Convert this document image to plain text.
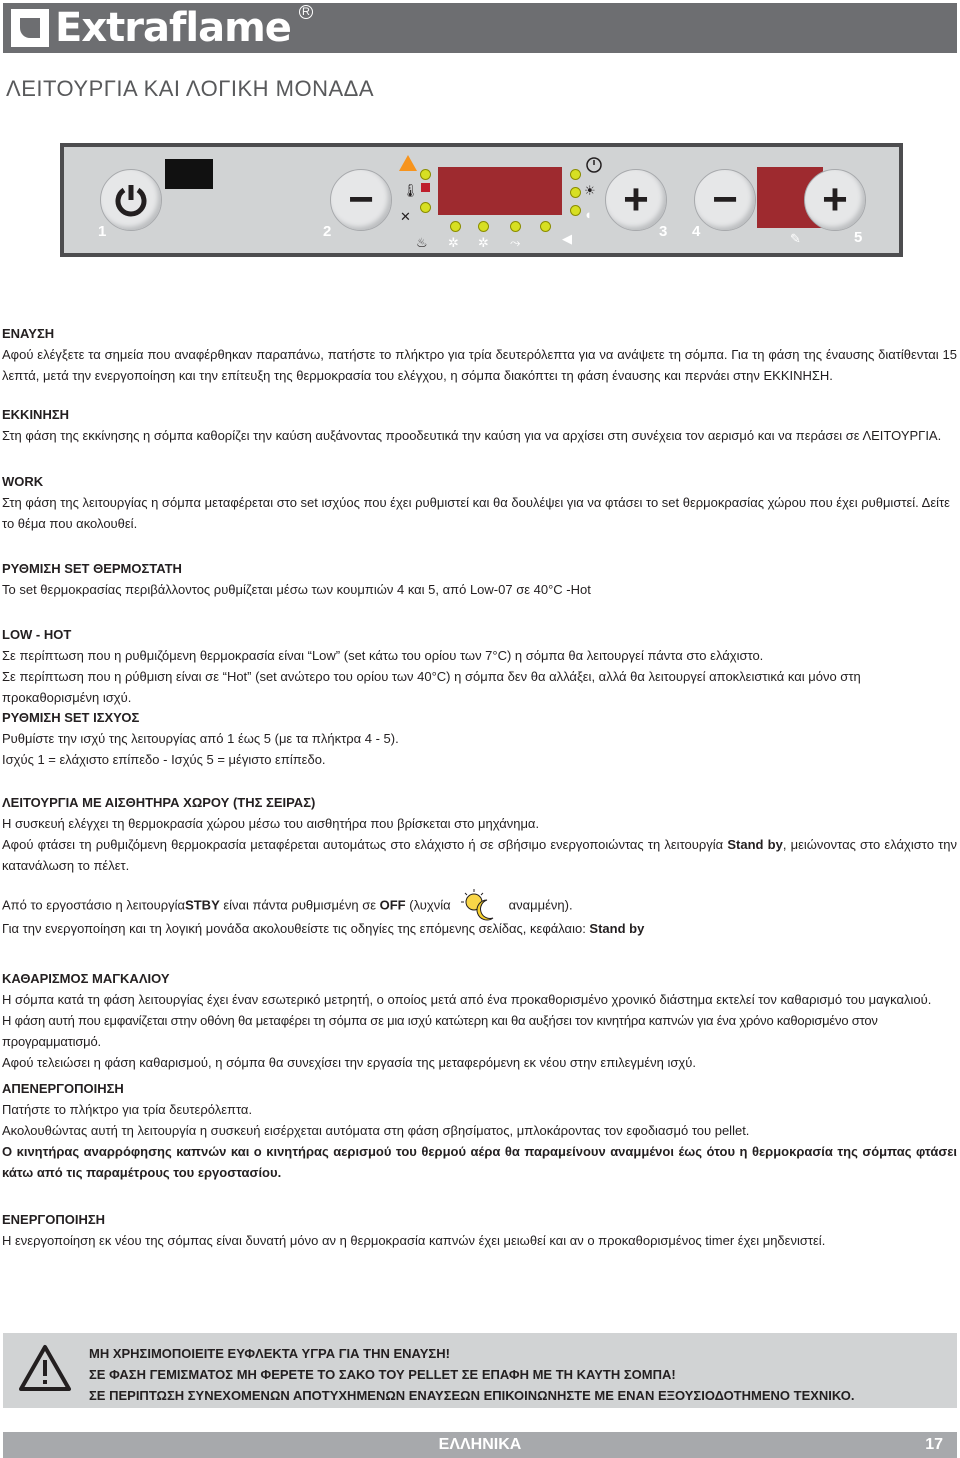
Extraflame R
ΛΕΙΤΟΥΡΓΙΑ ΚΑΙ ΛΟΓΙΚΗ ΜΟΝΑΔΑ
1
−
2
🌡
✕
♨ ✲ ✲ ⤳
☀
◖
◀
+
3
−
4
+
✎	5

ΕΝΑΥΣΗ

Αφού ελέγξετε τα σημεία που αναφέρθηκαν παραπάνω, πατήστε το πλήκτρο για τρία δευτερόλεπτα για να ανάψετε τη σόμπα. Για τη φάση της έναυσης διατίθενται 15 λεπτά, μετά την ενεργοποίηση και την επίτευξη της θερμοκρασία του ελέγχου, η σόμπα διακόπτει τη φάση έναυσης και περνάει στην ΕΚΚΙΝΗΣΗ.

ΕΚΚΙΝΗΣΗ

Στη φάση της εκκίνησης η σόμπα καθορίζει την καύση αυξάνοντας προοδευτικά την καύση για να αρχίσει στη συνέχεια τον αερισμό και να περάσει σε ΛΕΙΤΟΥΡΓΙΑ.

WORK

Στη φάση της λειτουργίας η σόμπα μεταφέρεται στο set ισχύος που έχει ρυθμιστεί και θα δουλέψει για να φτάσει το set θερμοκρασίας χώρου που έχει ρυθμιστεί. Δείτε το θέμα που ακολουθεί.

ΡΥΘΜΙΣΗ SET ΘΕΡΜΟΣΤΑΤΗ

Το set θερμοκρασίας περιβάλλοντος ρυθμίζεται μέσω των κουμπιών 4 και 5, από Low-07 σε 40°C -Hot

LOW - HOT

Σε περίπτωση που η ρυθμιζόμενη θερμοκρασία είναι “Low” (set κάτω του ορίου των 7°C) η σόμπα θα λειτουργεί πάντα στο ελάχιστο.

Σε περίπτωση που η ρύθμιση είναι σε “Hot” (set ανώτερο του ορίου των 40°C) η σόμπα δεν θα αλλάξει, αλλά θα λειτουργεί αποκλειστικά και μόνο στη προκαθορισμένη ισχύ.

ΡΥΘΜΙΣΗ SET ΙΣΧΥΟΣ

Ρυθμίστε την ισχύ της λειτουργίας από 1 έως 5 (με τα πλήκτρα 4 - 5).

Ισχύς 1 = ελάχιστο επίπεδο - Ισχύς 5 = μέγιστο επίπεδο.

ΛΕΙΤΟΥΡΓΙΑ ΜΕ ΑΙΣΘΗΤΗΡΑ ΧΩΡΟΥ (ΤΗΣ ΣΕΙΡΑΣ)

Η συσκευή ελέγχει τη θερμοκρασία χώρου μέσω του αισθητήρα που βρίσκεται στο μηχάνημα.

Αφού φτάσει τη ρυθμιζόμενη θερμοκρασία μεταφέρεται αυτομάτως στο ελάχιστο ή σε σβήσιμο ενεργοποιώντας τη λειτουργία Stand by, μειώνοντας στο ελάχιστο την κατανάλωση το πέλετ.

Από το εργοστάσιο η λειτουργίαSTBY είναι πάντα ρυθμισμένη σε OFF (λυχνία	αναμμένη).

Για την ενεργοποίηση και τη λογική μονάδα ακολουθείστε τις οδηγίες της επόμενης σελίδας, κεφάλαιο: Stand by

ΚΑΘΑΡΙΣΜΟΣ ΜΑΓΚΑΛΙΟΥ

Η σόμπα κατά τη φάση λειτουργίας έχει έναν εσωτερικό μετρητή, ο οποίος μετά από ένα προκαθορισμένο χρονικό διάστημα εκτελεί τον καθαρισμό του μαγκαλιού.

Η φάση αυτή που εμφανίζεται στην οθόνη θα μεταφέρει τη σόμπα σε μια ισχύ κατώτερη και θα αυξήσει τον κινητήρα καπνών για ένα χρόνο καθορισμένο στον προγραμματισμό.

Αφού τελειώσει η φάση καθαρισμού, η σόμπα θα συνεχίσει την εργασία της μεταφερόμενη εκ νέου στην επιλεγμένη ισχύ.

ΑΠΕΝΕΡΓΟΠΟΙΗΣΗ

Πατήστε το πλήκτρο για τρία δευτερόλεπτα.

Ακολουθώντας αυτή τη λειτουργία η συσκευή εισέρχεται αυτόματα στη φάση σβησίματος, μπλοκάροντας τον εφοδιασμό του pellet.

Ο κινητήρας αναρρόφησης καπνών και ο κινητήρας αερισμού του θερμού αέρα θα παραμείνουν αναμμένοι έως ότου η θερμοκρασία της σόμπας φτάσει κάτω από τις παραμέτρους του εργοστασίου.

ΕΝΕΡΓΟΠΟΙΗΣΗ

Η ενεργοποίηση εκ νέου της σόμπας είναι δυνατή μόνο αν η θερμοκρασία καπνών έχει μειωθεί και αν ο προκαθορισμένος timer έχει μηδενιστεί.

ΜΗ ΧΡΗΣΙΜΟΠΟΙΕΙΤΕ ΕΥΦΛΕΚΤΑ ΥΓΡΑ ΓΙΑ ΤΗΝ ΕΝΑΥΣΗ!
ΣΕ ΦΑΣΗ ΓΕΜΙΣΜΑΤΟΣ ΜΗ ΦΕΡΕΤΕ ΤΟ ΣΑΚΟ ΤΟΥ PELLET ΣΕ ΕΠΑΦΗ ΜΕ ΤΗ ΚΑΥΤΗ ΣΟΜΠΑ!
ΣΕ ΠΕΡΙΠΤΩΣΗ ΣΥΝΕΧΟΜΕΝΩΝ ΑΠΟΤΥΧΗΜΕΝΩΝ ΕΝΑΥΣΕΩΝ ΕΠΙΚΟΙΝΩΝΗΣΤΕ ΜΕ ΕΝΑΝ ΕΞΟΥΣΙΟΔΟΤΗΜΕΝΟ ΤΕΧΝΙΚΟ.
ΕΛΛΗΝΙΚΑ	17
